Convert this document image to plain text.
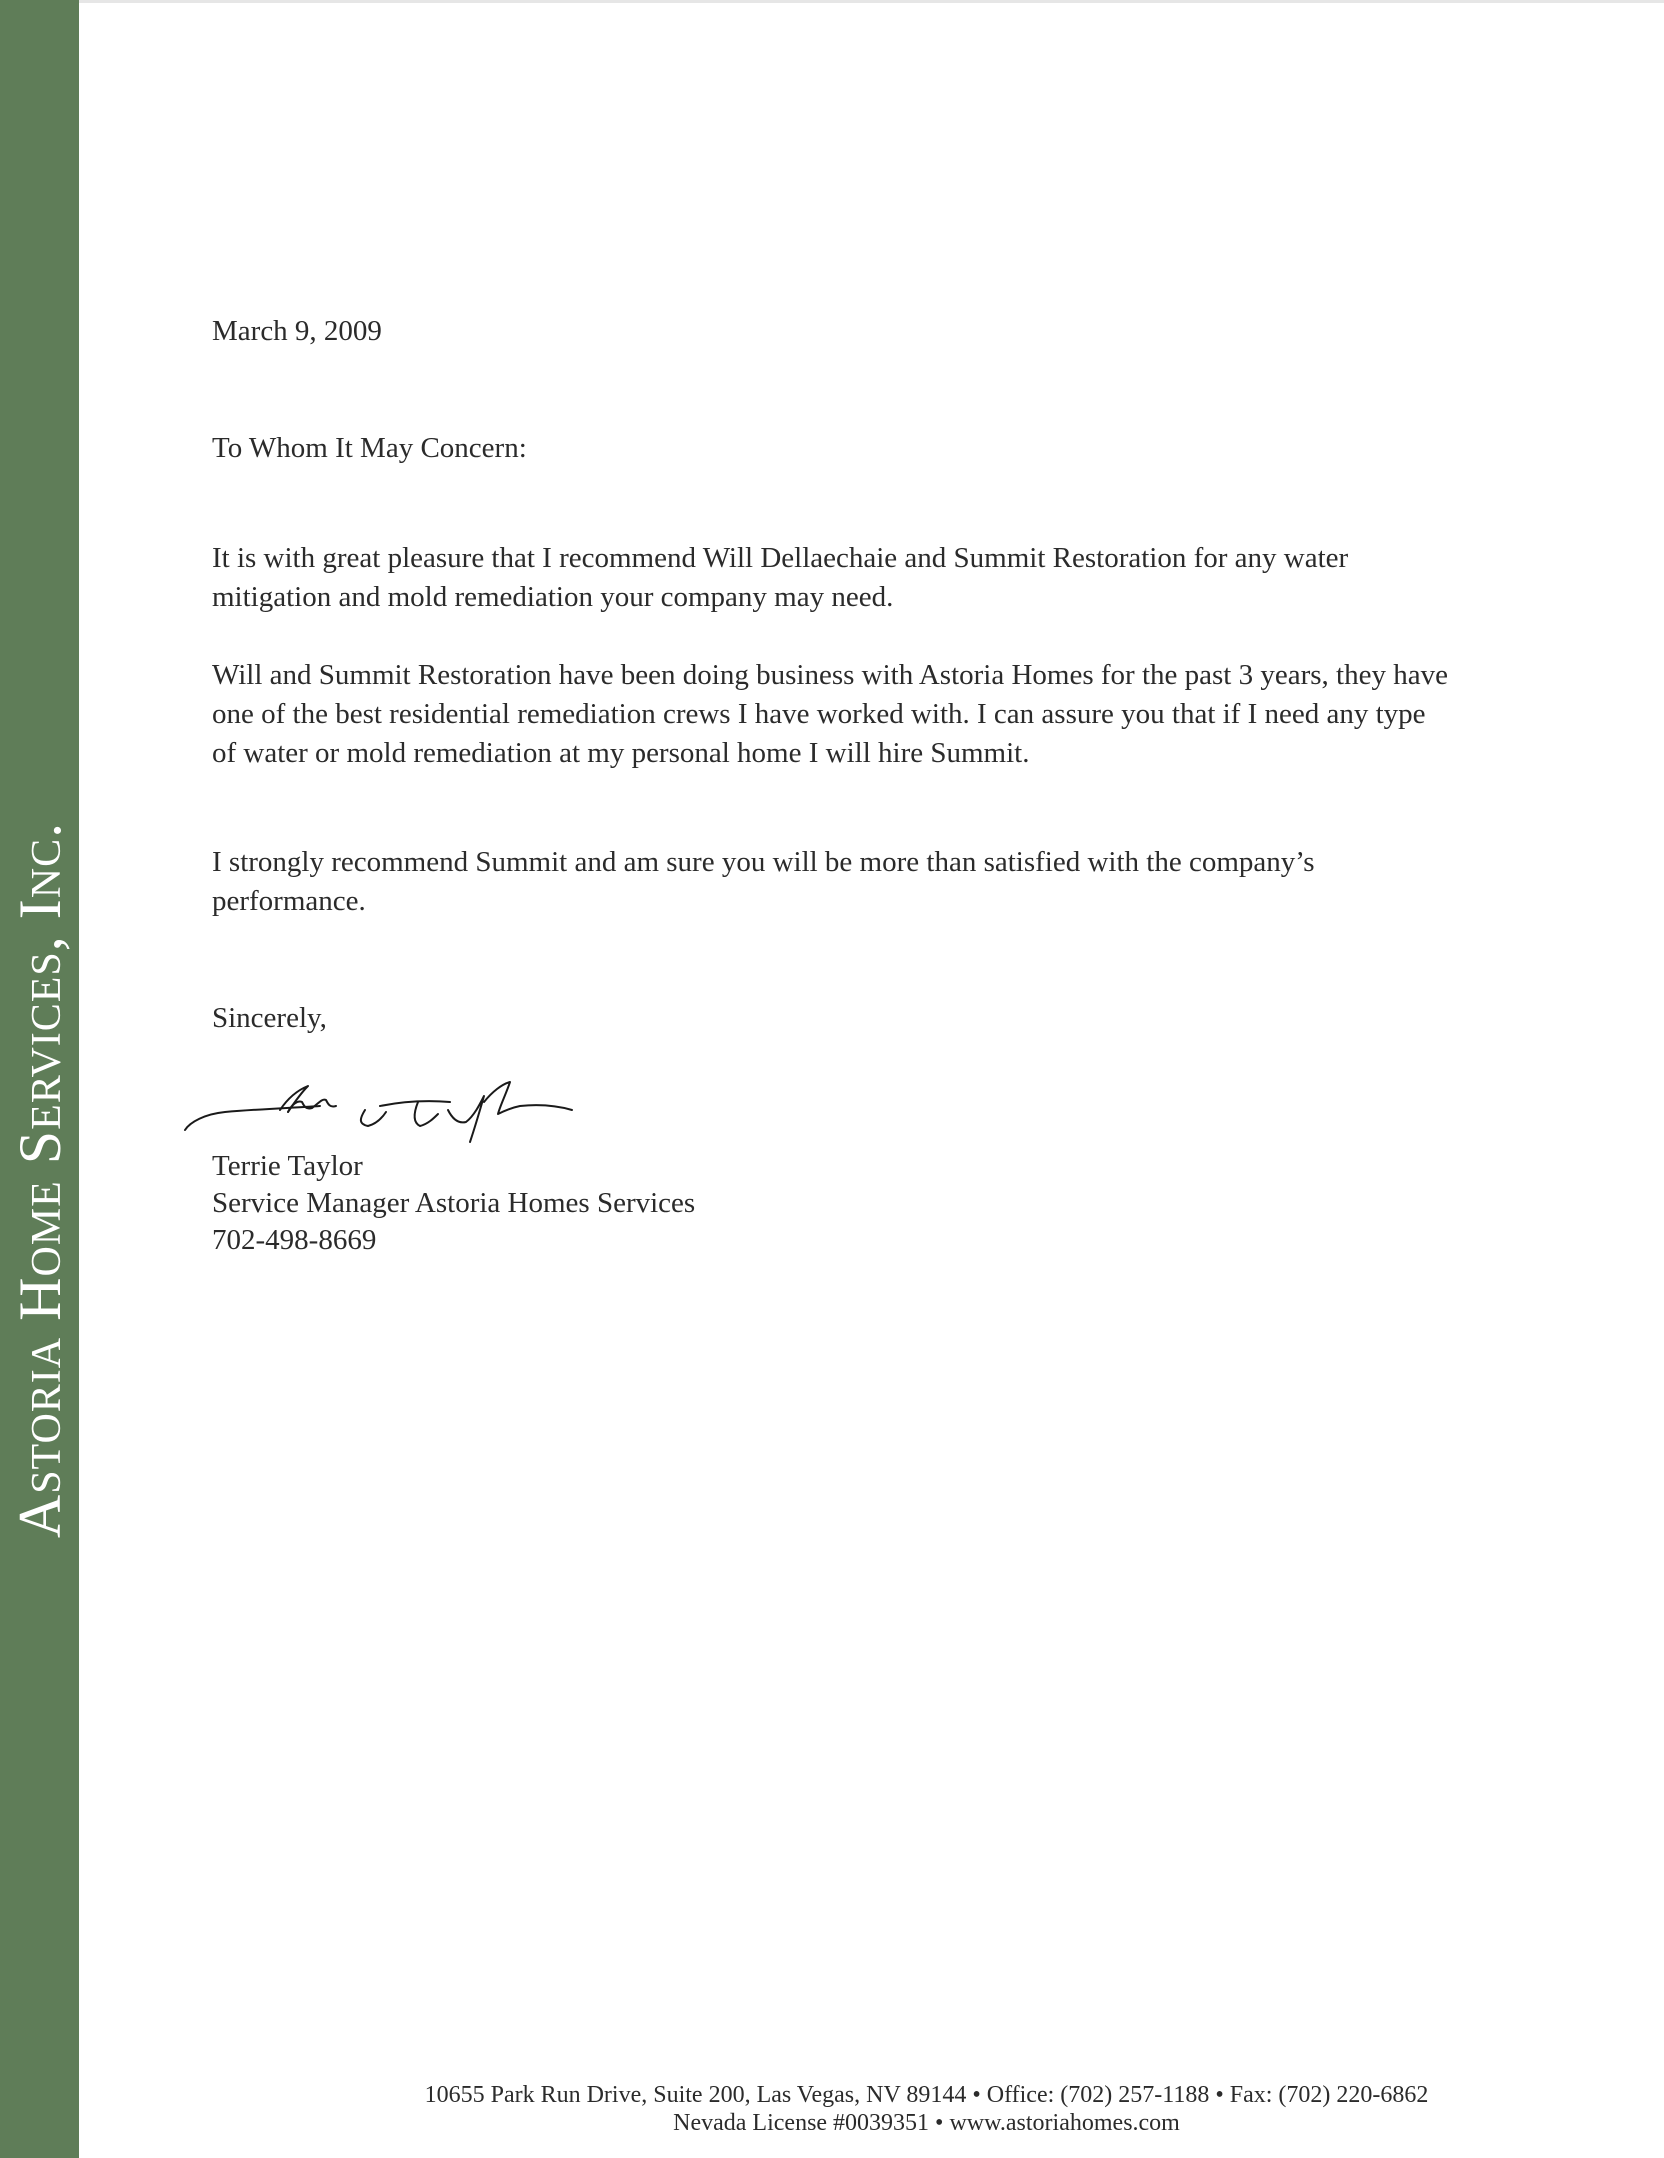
Astoria Home Services, Inc.

March 9, 2009

To Whom It May Concern:

It is with great pleasure that I recommend Will Dellaechaie and Summit Restoration for any water mitigation and mold remediation your company may need.

Will and Summit Restoration have been doing business with Astoria Homes for the past 3 years, they have one of the best residential remediation crews I have worked with. I can assure you that if I need any type of water or mold remediation at my personal home I will hire Summit.

I strongly recommend Summit and am sure you will be more than satisfied with the company’s performance.

Sincerely,

Terrie Taylor

Service Manager Astoria Homes Services

702-498-8669

10655 Park Run Drive, Suite 200, Las Vegas, NV 89144 • Office: (702) 257-1188 • Fax: (702) 220-6862
Nevada License #0039351 • www.astoriahomes.com
